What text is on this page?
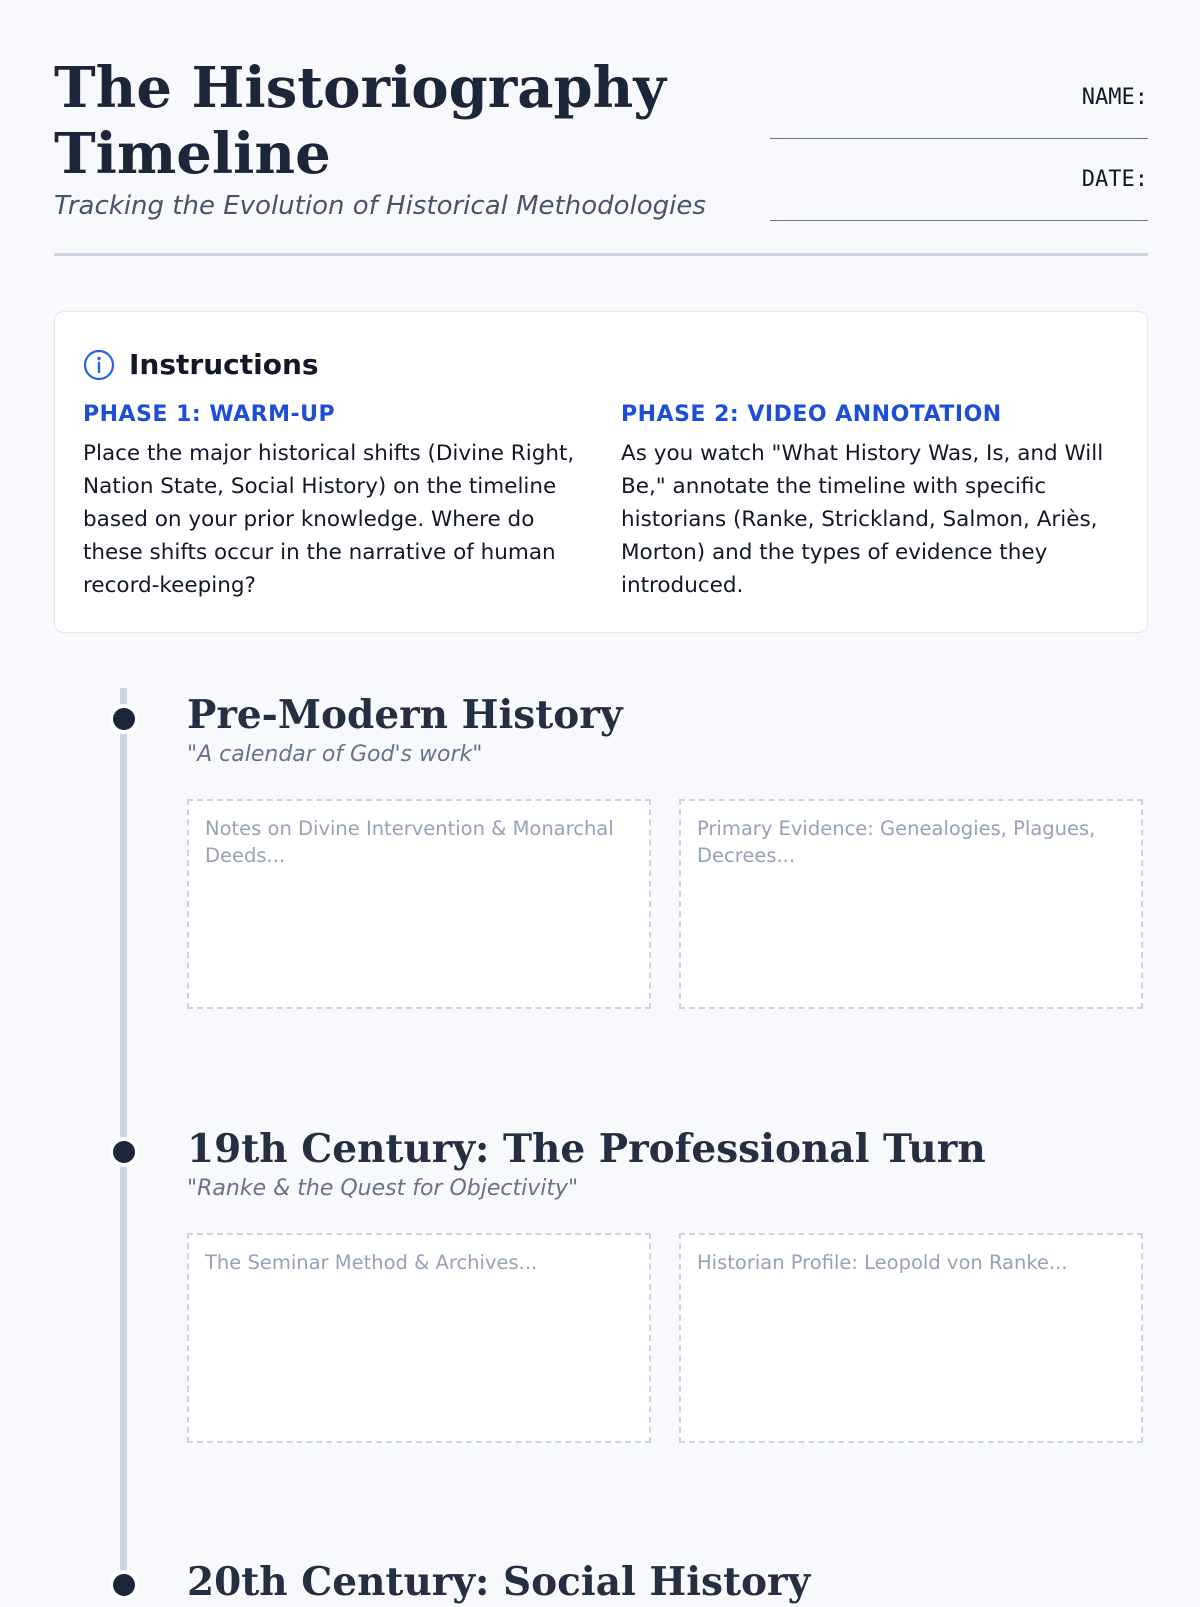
The Historiography Timeline
Tracking the Evolution of Historical Methodologies
NAME:
DATE:
Instructions
PHASE 1: WARM-UP
Place the major historical shifts (Divine Right, Nation State, Social History) on the timeline based on your prior knowledge. Where do these shifts occur in the narrative of human record-keeping?
PHASE 2: VIDEO ANNOTATION
As you watch "What History Was, Is, and Will Be," annotate the timeline with specific historians (Ranke, Strickland, Salmon, Ariès, Morton) and the types of evidence they introduced.
Pre-Modern History
"A calendar of God's work"
Notes on Divine Intervention & Monarchal Deeds...
Primary Evidence: Genealogies, Plagues, Decrees...
19th Century: The Professional Turn
"Ranke & the Quest for Objectivity"
The Seminar Method & Archives...	Historian Profile: Leopold von Ranke...
20th Century: Social History
